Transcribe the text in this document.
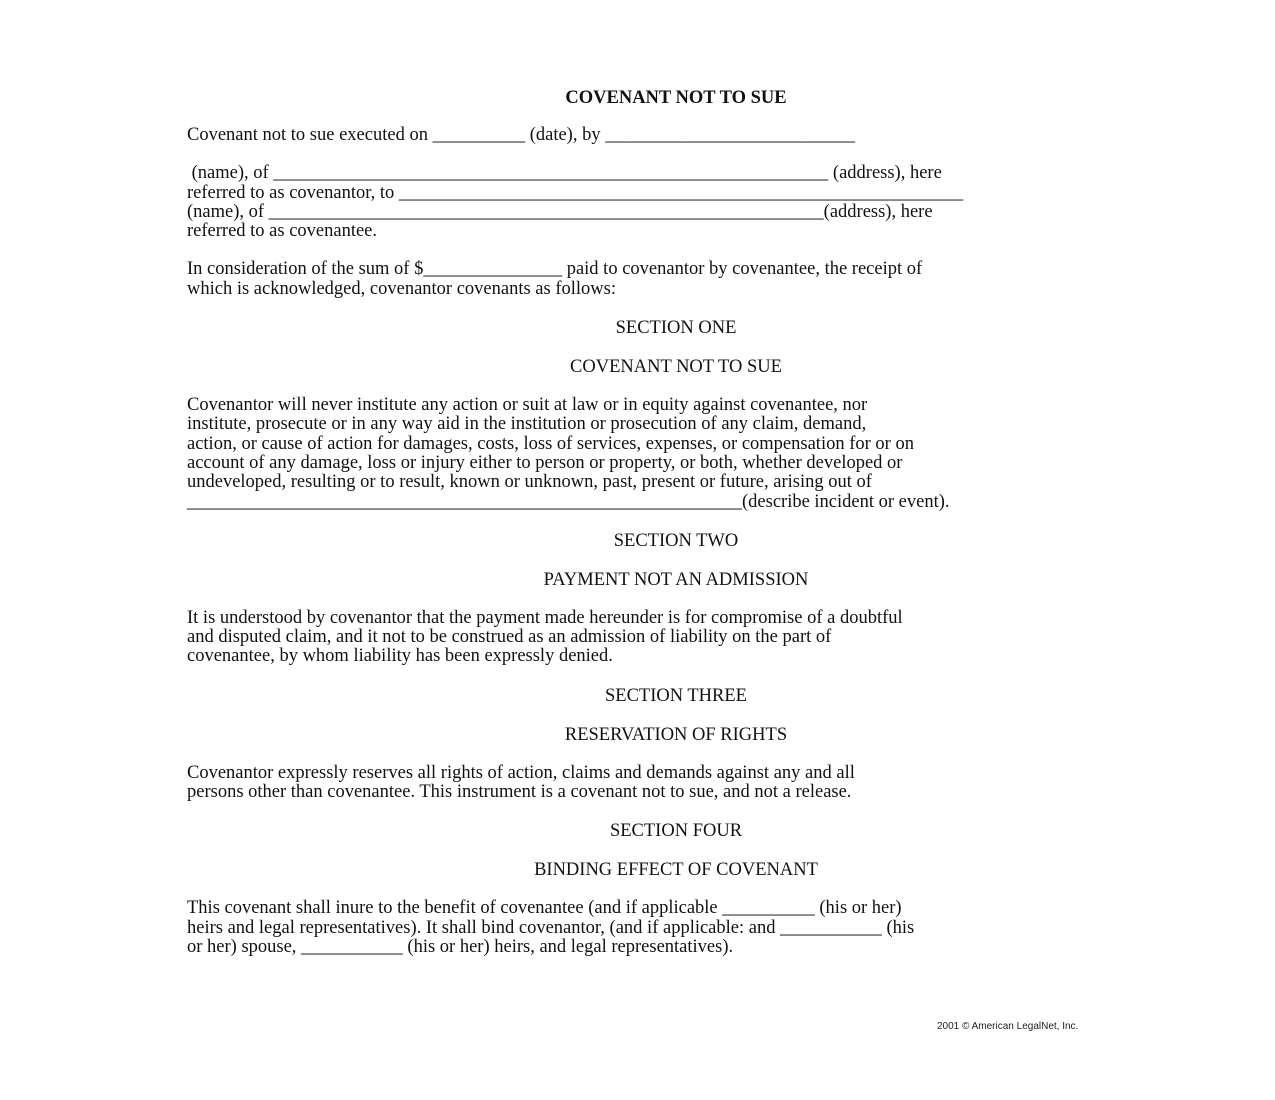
COVENANT NOT TO SUE
Covenant not to sue executed on __________ (date), by ___________________________
(name), of ____________________________________________________________ (address), here
referred to as covenantor, to _____________________________________________________________
(name), of ____________________________________________________________(address), here
referred to as covenantee.
In consideration of the sum of $_______________ paid to covenantor by covenantee, the receipt of
which is acknowledged, covenantor covenants as follows:
SECTION ONE
COVENANT NOT TO SUE
Covenantor will never institute any action or suit at law or in equity against covenantee, nor
institute, prosecute or in any way aid in the institution or prosecution of any claim, demand,
action, or cause of action for damages, costs, loss of services, expenses, or compensation for or on
account of any damage, loss or injury either to person or property, or both, whether developed or
undeveloped, resulting or to result, known or unknown, past, present or future, arising out of
____________________________________________________________(describe incident or event).
SECTION TWO
PAYMENT NOT AN ADMISSION
It is understood by covenantor that the payment made hereunder is for compromise of a doubtful
and disputed claim, and it not to be construed as an admission of liability on the part of
covenantee, by whom liability has been expressly denied.
SECTION THREE
RESERVATION OF RIGHTS
Covenantor expressly reserves all rights of action, claims and demands against any and all
persons other than covenantee. This instrument is a covenant not to sue, and not a release.
SECTION FOUR
BINDING EFFECT OF COVENANT
This covenant shall inure to the benefit of covenantee (and if applicable __________ (his or her)
heirs and legal representatives). It shall bind covenantor, (and if applicable: and ___________ (his
or her) spouse, ___________ (his or her) heirs, and legal representatives).
2001 © American LegalNet, Inc.
